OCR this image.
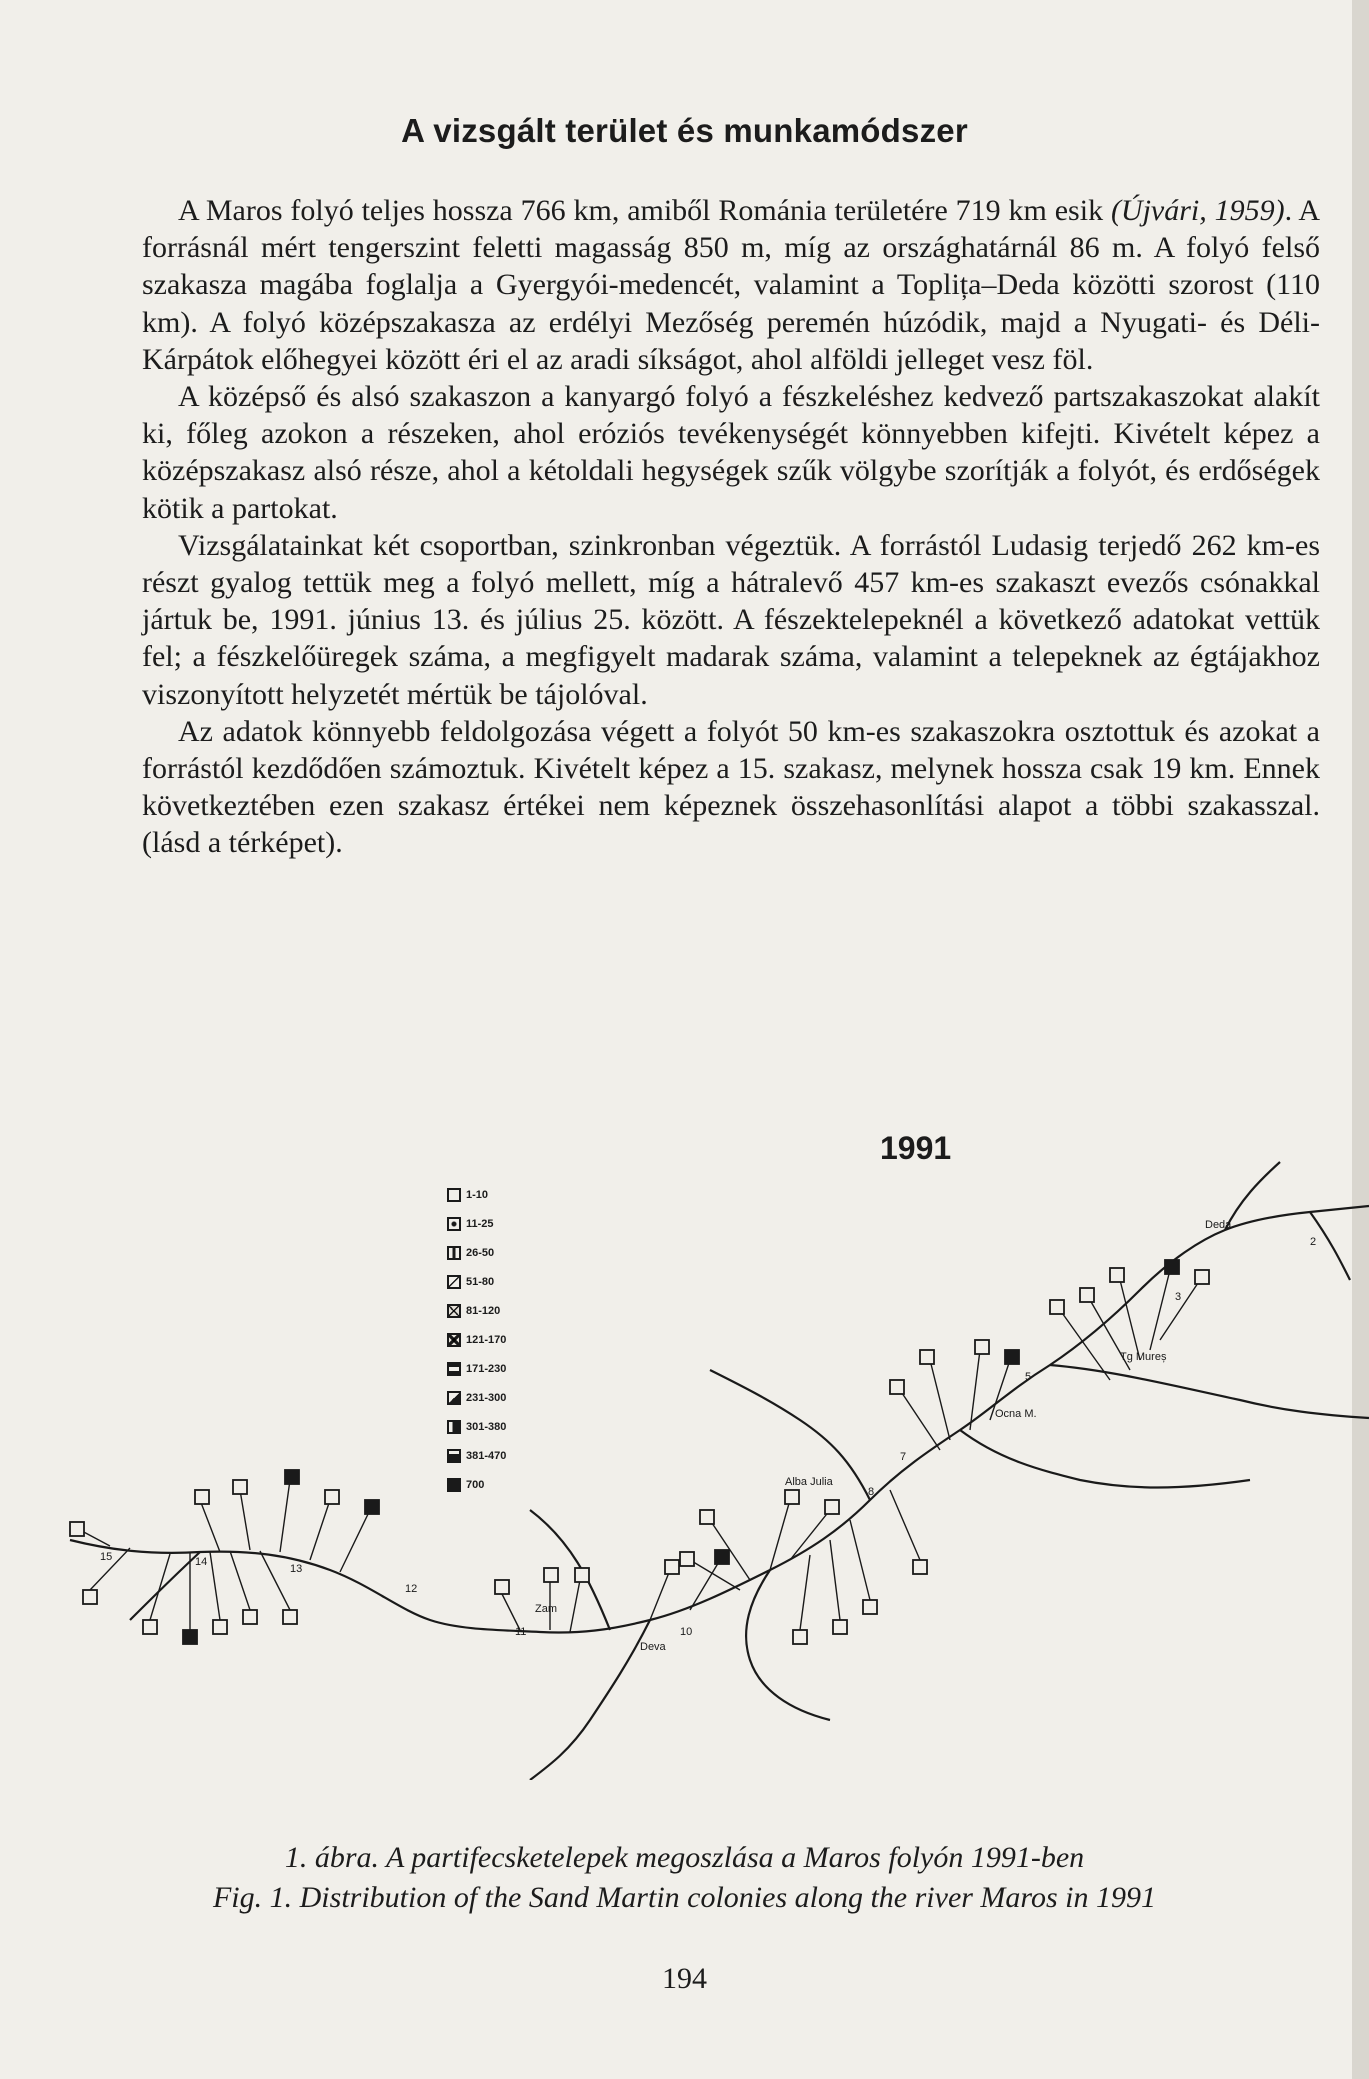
A vizsgált terület és munkamódszer

A Maros folyó teljes hossza 766 km, amiből Románia területére 719 km esik (Újvári, 1959). A forrásnál mért tengerszint feletti magasság 850 m, míg az országhatárnál 86 m. A folyó felső szakasza magába foglalja a Gyergyói-medencét, valamint a Toplița–Deda közötti szorost (110 km). A folyó középszakasza az erdélyi Mezőség peremén húzódik, majd a Nyugati- és Déli-Kárpátok előhegyei között éri el az aradi síkságot, ahol alföldi jelleget vesz föl.

A középső és alsó szakaszon a kanyargó folyó a fészkeléshez kedvező partszakaszokat alakít ki, főleg azokon a részeken, ahol eróziós tevékenységét könnyebben kifejti. Kivételt képez a középszakasz alsó része, ahol a kétoldali hegységek szűk völgybe szorítják a folyót, és erdőségek kötik a partokat.

Vizsgálatainkat két csoportban, szinkronban végeztük. A forrástól Ludasig terjedő 262 km-es részt gyalog tettük meg a folyó mellett, míg a hátralevő 457 km-es szakaszt evezős csónakkal jártuk be, 1991. június 13. és július 25. között. A fészektelepeknél a következő adatokat vettük fel; a fészkelőüregek száma, a megfigyelt madarak száma, valamint a telepeknek az égtájakhoz viszonyított helyzetét mértük be tájolóval.

Az adatok könnyebb feldolgozása végett a folyót 50 km-es szakaszokra osztottuk és azokat a forrástól kezdődően számoztuk. Kivételt képez a 15. szakasz, melynek hossza csak 19 km. Ennek következtében ezen szakasz értékei nem képeznek összehasonlítási alapot a többi szakasszal. (lásd a térképet).

1991
Deda
Tg Mureș
Ocna M.
Alba Julia
Zam
Deva
2
3
5
7
8
10
11
12
13
14
15
1-10
11-25
26-50
51-80
81-120
121-170
171-230
231-300
301-380
381-470
700
1. ábra. A partifecsketelepek megoszlása a Maros folyón 1991-ben
Fig. 1. Distribution of the Sand Martin colonies along the river Maros in 1991
194
